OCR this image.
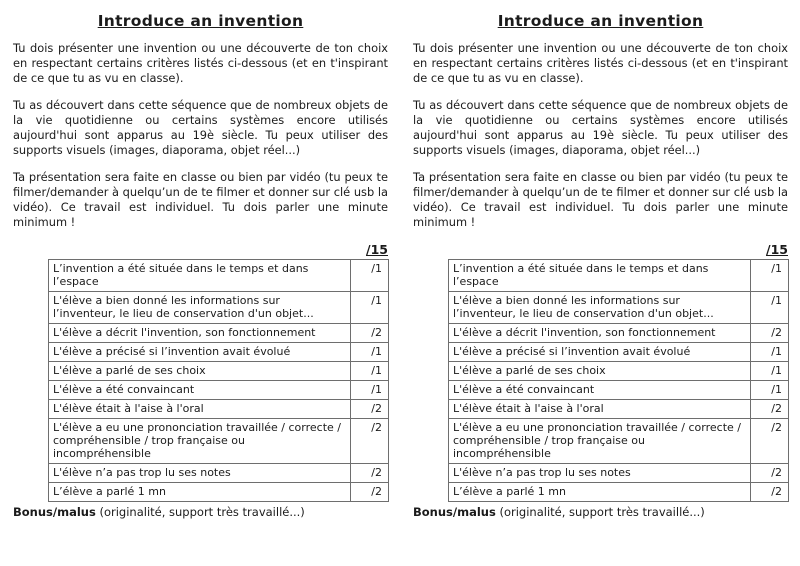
Introduce an invention

Tu dois présenter une invention ou une découverte de ton choix en respectant certains critères listés ci-dessous (et en t'inspirant de ce que tu as vu en classe).

Tu as découvert dans cette séquence que de nombreux objets de la vie quotidienne ou certains systèmes encore utilisés aujourd'hui sont apparus au 19è siècle. Tu peux utiliser des supports visuels (images, diaporama, objet réel...)

Ta présentation sera faite en classe ou bien par vidéo (tu peux te filmer/demander à quelqu’un de te filmer et donner sur clé usb la vidéo). Ce travail est individuel. Tu dois parler une minute minimum !

/15
L’invention a été située dans le temps et dans l’espace	/1
L'élève a bien donné les informations sur l’inventeur, le lieu de conservation d'un objet...	/1
L'élève a décrit l'invention, son fonctionnement	/2
L'élève a précisé si l’invention avait évolué	/1
L'élève a parlé de ses choix	/1
L'élève a été convaincant	/1
L'élève était à l'aise à l'oral	/2
L'élève a eu une prononciation travaillée / correcte / compréhensible / trop française ou incompréhensible	/2
L'élève n’a pas trop lu ses notes	/2
L’élève a parlé 1 mn	/2

Bonus/malus (originalité, support très travaillé...)

Introduce an invention

Tu dois présenter une invention ou une découverte de ton choix en respectant certains critères listés ci-dessous (et en t'inspirant de ce que tu as vu en classe).

Tu as découvert dans cette séquence que de nombreux objets de la vie quotidienne ou certains systèmes encore utilisés aujourd'hui sont apparus au 19è siècle. Tu peux utiliser des supports visuels (images, diaporama, objet réel...)

Ta présentation sera faite en classe ou bien par vidéo (tu peux te filmer/demander à quelqu’un de te filmer et donner sur clé usb la vidéo). Ce travail est individuel. Tu dois parler une minute minimum !

/15
L’invention a été située dans le temps et dans l’espace	/1
L'élève a bien donné les informations sur l’inventeur, le lieu de conservation d'un objet...	/1
L'élève a décrit l'invention, son fonctionnement	/2
L'élève a précisé si l’invention avait évolué	/1
L'élève a parlé de ses choix	/1
L'élève a été convaincant	/1
L'élève était à l'aise à l'oral	/2
L'élève a eu une prononciation travaillée / correcte / compréhensible / trop française ou incompréhensible	/2
L'élève n’a pas trop lu ses notes	/2
L’élève a parlé 1 mn	/2

Bonus/malus (originalité, support très travaillé...)
